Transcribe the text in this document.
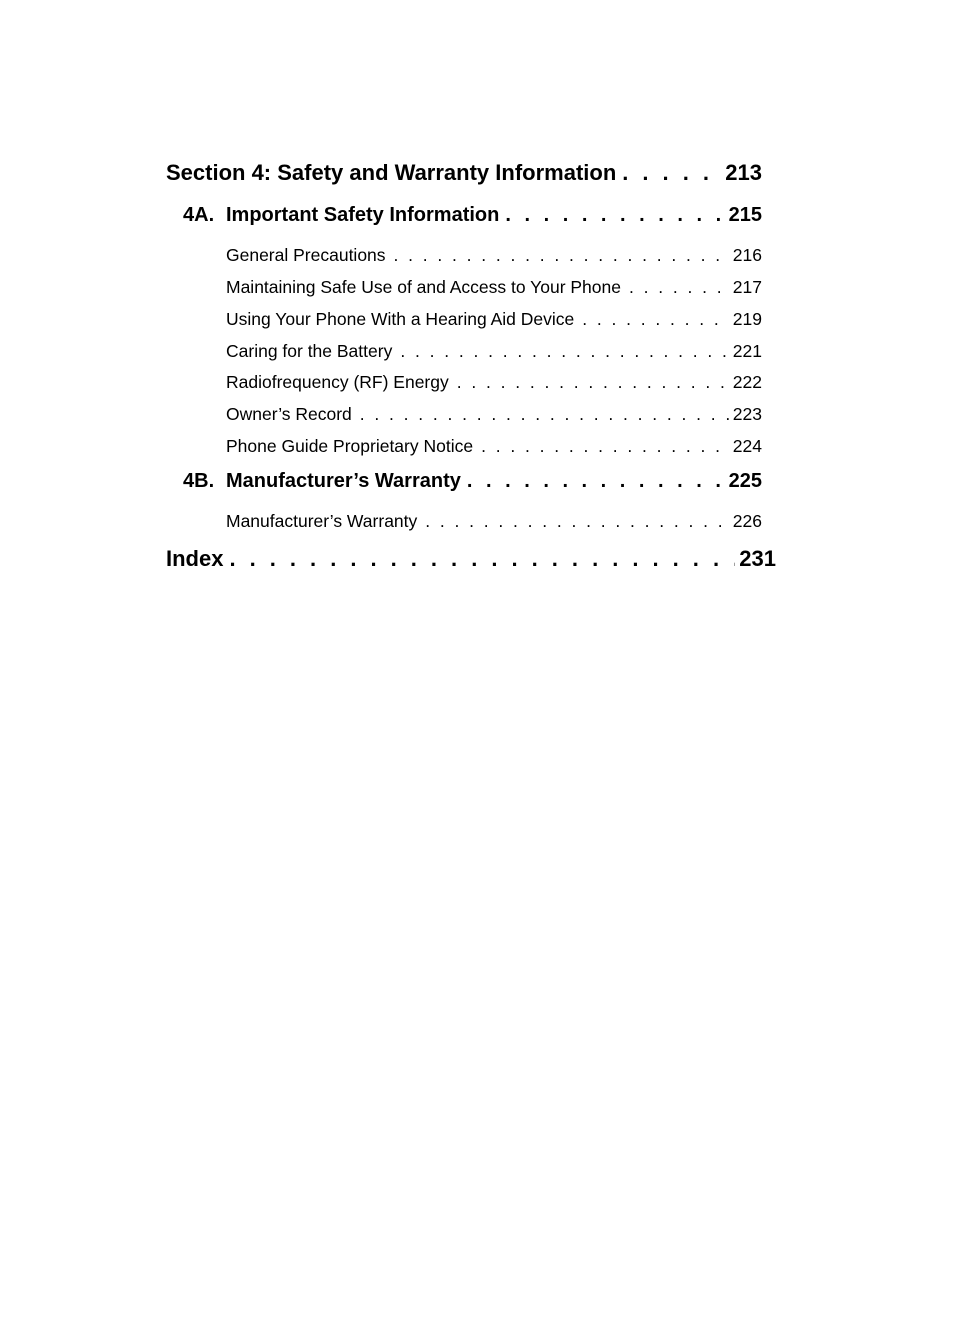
Section 4: Safety and Warranty Information . . .	213
4A. Important Safety Information . . .	215
General Precautions . . .	216
Maintaining Safe Use of and Access to Your Phone . . .	217
Using Your Phone With a Hearing Aid Device . . .	219
Caring for the Battery . . .	221
Radiofrequency (RF) Energy . . .	222
Owner’s Record . . .	223
Phone Guide Proprietary Notice . . .	224
4B. Manufacturer’s Warranty . . .	225
Manufacturer’s Warranty . . .	226
Index . . .	231
